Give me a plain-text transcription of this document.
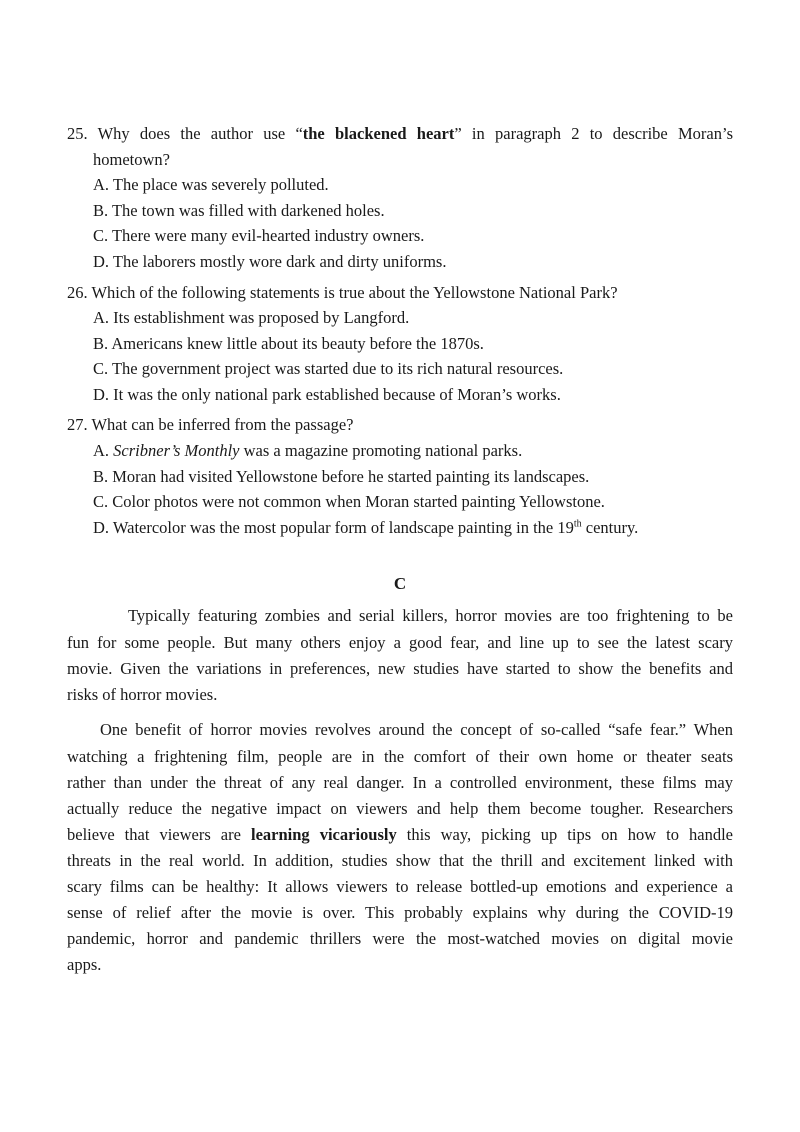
25. Why does the author use “the blackened heart” in paragraph 2 to describe Moran’s
hometown?
A. The place was severely polluted.
B. The town was filled with darkened holes.
C. There were many evil-hearted industry owners.
D. The laborers mostly wore dark and dirty uniforms.
26. Which of the following statements is true about the Yellowstone National Park?
A. Its establishment was proposed by Langford.
B. Americans knew little about its beauty before the 1870s.
C. The government project was started due to its rich natural resources.
D. It was the only national park established because of Moran’s works.
27. What can be inferred from the passage?
A. Scribner’s Monthly was a magazine promoting national parks.
B. Moran had visited Yellowstone before he started painting its landscapes.
C. Color photos were not common when Moran started painting Yellowstone.
D. Watercolor was the most popular form of landscape painting in the 19th century.
C
Typically featuring zombies and serial killers, horror movies are too frightening to be
fun for some people. But many others enjoy a good fear, and line up to see the latest scary
movie. Given the variations in preferences, new studies have started to show the benefits and
risks of horror movies.
One benefit of horror movies revolves around the concept of so-called “safe fear.” When
watching a frightening film, people are in the comfort of their own home or theater seats
rather than under the threat of any real danger. In a controlled environment, these films may
actually reduce the negative impact on viewers and help them become tougher. Researchers
believe that viewers are learning vicariously this way, picking up tips on how to handle
threats in the real world. In addition, studies show that the thrill and excitement linked with
scary films can be healthy: It allows viewers to release bottled-up emotions and experience a
sense of relief after the movie is over. This probably explains why during the COVID-19
pandemic, horror and pandemic thrillers were the most-watched movies on digital movie
apps.
